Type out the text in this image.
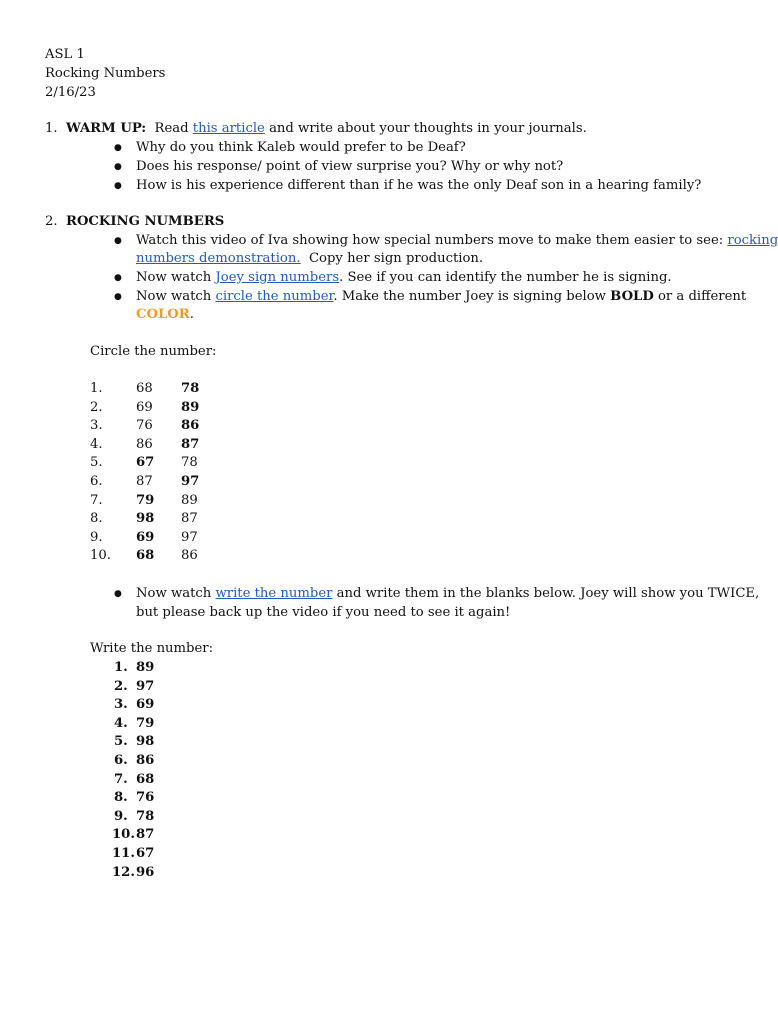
ASL 1
Rocking Numbers
2/16/23
1. WARM UP: Read this article and write about your thoughts in your journals.
●
Why do you think Kaleb would prefer to be Deaf?
●
Does his response/ point of view surprise you? Why or why not?
●
How is his experience different than if he was the only Deaf son in a hearing family?
2. ROCKING NUMBERS
●
Watch this video of Iva showing how special numbers move to make them easier to see: rocking
numbers demonstration. Copy her sign production.
●
Now watch Joey sign numbers. See if you can identify the number he is signing.
●
Now watch circle the number. Make the number Joey is signing below BOLD or a different
COLOR.
Circle the number:
1.	68 78
2.	69 89
3.	76 86
4.	86 87
5.	67 78
6.	87 97
7.	79 89
8.	98 87
9.	69 97
10. 68 86
●
Now watch write the number and write them in the blanks below. Joey will show you TWICE,
but please back up the video if you need to see it again!
Write the number:
1. 89
2. 97
3. 69
4. 79
5. 98
6. 86
7. 68
8. 76
9. 78
10. 87
11. 67
12. 96
